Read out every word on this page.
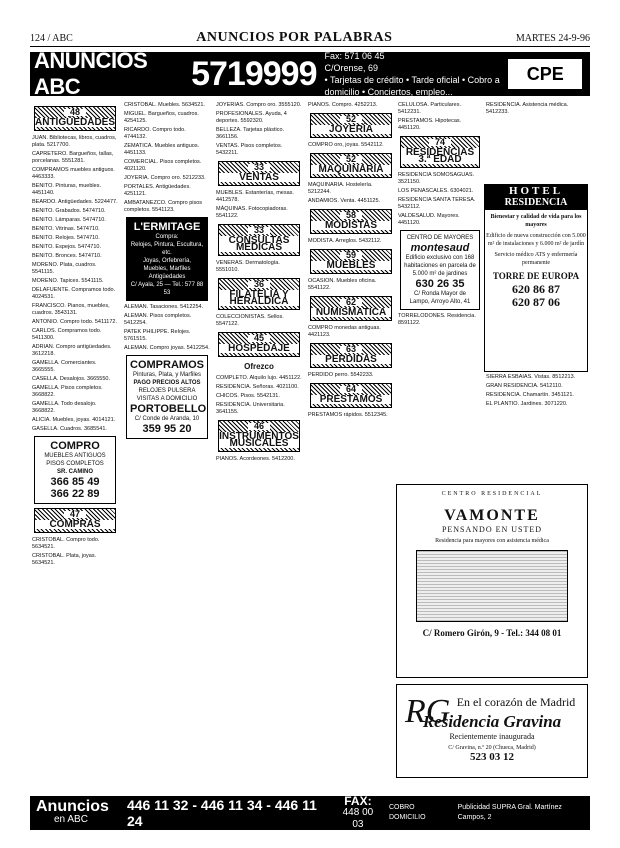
124 / ABC	ANUNCIOS POR PALABRAS	MARTES 24-9-96
ANUNCIOS ABC	5719999 Fax: 571 06 45
C/Orense, 69
• Tarjetas de crédito • Tarde oficial • Cobro a domicilio • Conciertos, empleo...
CPE
48
ANTIGÜEDADES

JUAN. Bibliotecas, libros, cuadros, plata. 5217700.

CAPRETERO. Bargueños, tallas, porcelanas. 5551281.

COMPRAMOS muebles antiguos. 4463333.

BENITO. Pinturas, muebles. 4451140.

BEARDO. Antigüedades. 5224477.

BENITO. Grabados. 5474710.

BENITO. Lámparas. 5474710.

BENITO. Vitrinas. 5474710.

BENITO. Relojes. 5474710.

BENITO. Espejos. 5474710.

BENITO. Bronces. 5474710.

MORENO. Plata, cuadros. 5541115.

MORENO. Tapices. 5541115.

DELAFUENTE. Compramos todo. 4024531.

FRANCISCO. Pianos, muebles, cuadros. 3543131.

ANTONIO. Compro todo. 5411172.

CARLOS. Compramos todo. 5411300.

ADRIAN. Compro antigüedades. 3612218.

GAMELLA. Comerciantes. 3665555.

CASELLA. Desalojos. 3665550.

GAMELLA. Pisos completos. 3668822.

GAMELLA. Todo desalojo. 3668822.

ALICIA. Muebles, joyas. 4014121.

GASELLA. Cuadros. 3685541.

COMPRO
MUEBLES ANTIGUOS
PISOS COMPLETOS
SR. CAMINO
366 85 49
366 22 89
47
COMPRAS

CRISTOBAL. Compro todo. 5634521.

CRISTOBAL. Plata, joyas. 5634521.

CRISTOBAL. Muebles. 5634521.

MIGUEL. Bargueños, cuadros. 4254125.

RICARDO. Compro todo. 4744132.

ZEMATICA. Muebles antiguos. 4451133.

COMERCIAL. Pisos completos. 4021120.

JOYERIA. Compro oro. 5212233.

PORTALES. Antigüedades. 4251121.

AMBATANEZCO. Compro pisos completos. 5541123.

L'ERMITAGE
Compra:
Relojes, Pintura, Escultura, etc.
Joyas, Orfebrería, Muebles, Marfiles
Antigüedades
C/ Ayala, 25 — Tel.: 577 88 53

ALEMAN. Tasaciones. 5412254.

ALEMAN. Pisos completos. 5412254.

PATEK PHILIPPE. Relojes. 5761515.

ALEMAN. Compro joyas. 5412254.

COMPRAMOS
Pinturas, Plata, y Marfiles
PAGO PRECIOS ALTOS
RELOJES PULSERA
VISITAS A DOMICILIO
PORTOBELLO
C/ Conde de Aranda, 10
359 95 20

JOYERIAS. Compro oro. 3555120.

PROFESIONALES. Ayuda, 4 deportes. 5592320.

BELLEZA. Tarjetas plástico. 3661156.

VENTAS. Pisos completos. 5432211.

33
VENTAS

MUEBLES. Estanterías, mesas. 4412578.

MÁQUINAS. Fotocopiadoras. 5541122.

33
CONSULTAS MÉDICAS

VENERAS. Dermatología. 5551010.

36
FILATELIA Y HERALDICA

COLECCIONISTAS. Sellos. 5547122.

45
HOSPEDAJE

Ofrezco

COMPLETO. Alquilo lujo. 4451122.

RESIDENCIA. Señoras. 4021100.

CHICOS. Pisos. 5542131.

RESIDENCIA. Universitaria. 3641155.

46
INSTRUMENTOS MUSICALES

PIANOS. Acordeones. 5412200.

PIANOS. Compro. 4252213.

52
JOYERÍA

COMPRO oro, joyas. 5542112.

52
MAQUINARIA

MAQUINARIA. Hostelería. 5212244.

ANDAMIOS. Venta. 4451125.

58
MODISTAS

MODISTA. Arreglos. 5432112.

59
MUEBLES

OCASION. Muebles oficina. 5541122.

62
NUMISMATICA

COMPRO monedas antiguas. 4421123.

63
PERDIDAS

PERDIDO perro. 5542233.

64
PRESTAMOS

PRESTAMOS rápidos. 5512345.

CELULOSA. Particulares. 5412231.

PRESTAMOS. Hipotecas. 4451120.

74
RESIDENCIAS 3.ª EDAD

RESIDENCIA SOMOSAGUAS. 3521150.

LOS PENASCALES. 6304021.

RESIDENCIA SANTA TERESA. 5432112.

VALDESALUD. Mayores. 4451120.

CENTRO DE MAYORES
montesaud
Edificio exclusivo con 168 habitaciones en parcela de 5.000 m² de jardines
630 26 35
C/ Ronda Mayor de Lampo, Arroyo Alto, 41

TORRELODONES. Residencia. 8591122.

RESIDENCIA. Asistencia médica. 5412233.

HOTEL
RESIDENCIA
Bienestar y calidad de vida para los mayores
Edificio de nueva construcción con 5.000 m² de instalaciones y 6.000 m² de jardín
Servicio médico ATS y enfermería permanente
TORRE DE EUROPA
620 86 87
620 87 06

SIERRA ESBAIAS. Vistas. 8512213.

GRAN RESIDENCIA. 5412110.

RESIDENCIA. Chamartín. 3451121.

EL PLANTIO. Jardines. 3071220.

CENTRO RESIDENCIAL
VAMONTE
PENSANDO EN USTED
Residencia para mayores con asistencia médica
C/ Romero Girón, 9 - Tel.: 344 08 01
RG En el corazón de Madrid
Residencia Gravina
Recientemente inaugurada
C/ Gravina, n.º 20 (Chueca, Madrid)
523 03 12
Anuncios
en ABC
446 11 32 - 446 11 34 - 446 11 24
FAX:
448 00 03
COBRO DOMICILIO
Publicidad SUPRA Gral. Martínez Campos, 2
